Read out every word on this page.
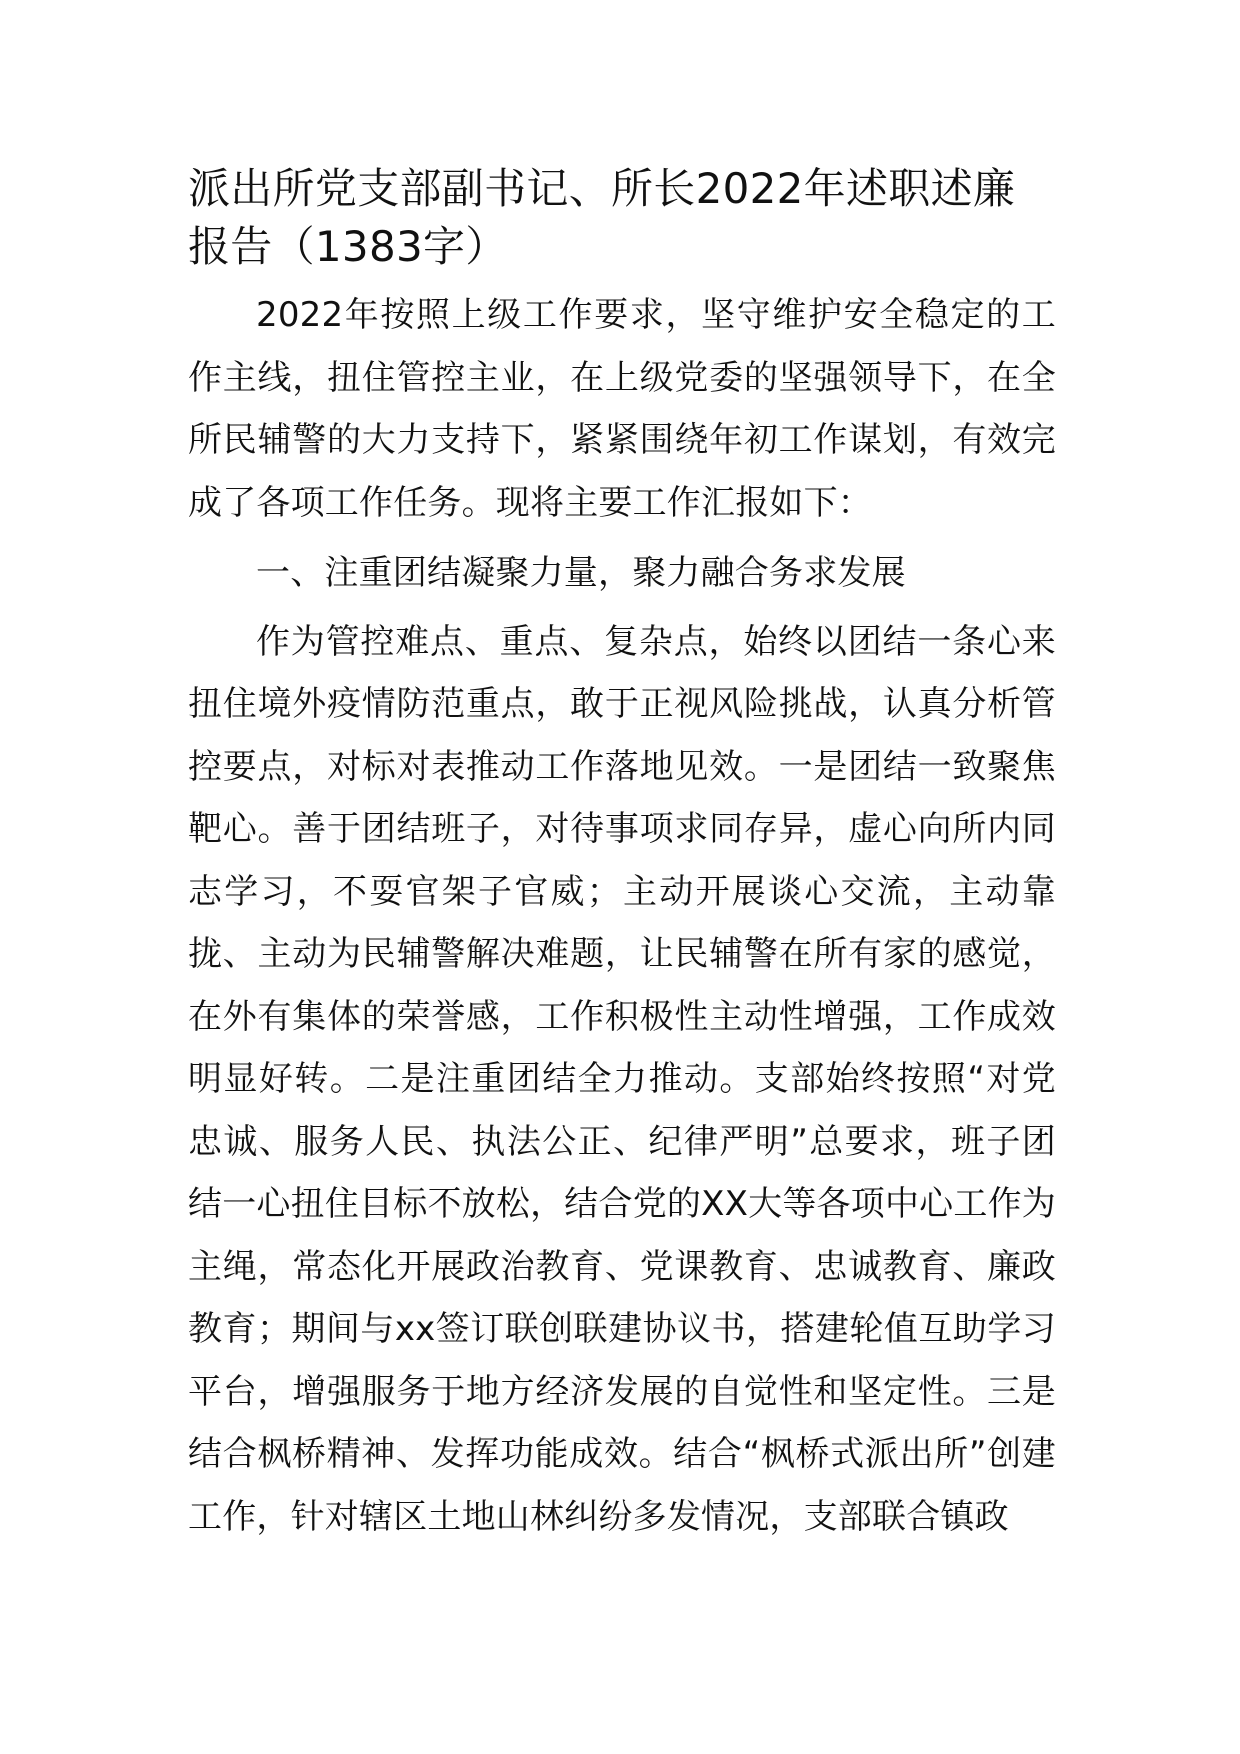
派出所党支部副书记、所长2022年述职述廉报告（1383字）

2022年按照上级工作要求，坚守维护安全稳定的工作主线，扭住管控主业，在上级党委的坚强领导下，在全所民辅警的大力支持下，紧紧围绕年初工作谋划，有效完成了各项工作任务。现将主要工作汇报如下：

一、注重团结凝聚力量，聚力融合务求发展

作为管控难点、重点、复杂点，始终以团结一条心来扭住境外疫情防范重点，敢于正视风险挑战，认真分析管控要点，对标对表推动工作落地见效。一是团结一致聚焦靶心。善于团结班子，对待事项求同存异，虚心向所内同志学习，不耍官架子官威；主动开展谈心交流，主动靠拢、主动为民辅警解决难题，让民辅警在所有家的感觉，在外有集体的荣誉感，工作积极性主动性增强，工作成效明显好转。二是注重团结全力推动。支部始终按照“对党忠诚、服务人民、执法公正、纪律严明”总要求，班子团结一心扭住目标不放松，结合党的XX大等各项中心工作为主绳，常态化开展政治教育、党课教育、忠诚教育、廉政教育；期间与xx签订联创联建协议书，搭建轮值互助学习平台，增强服务于地方经济发展的自觉性和坚定性。三是结合枫桥精神、发挥功能成效。结合“枫桥式派出所”创建工作，针对辖区土地山林纠纷多发情况，支部联合镇政
